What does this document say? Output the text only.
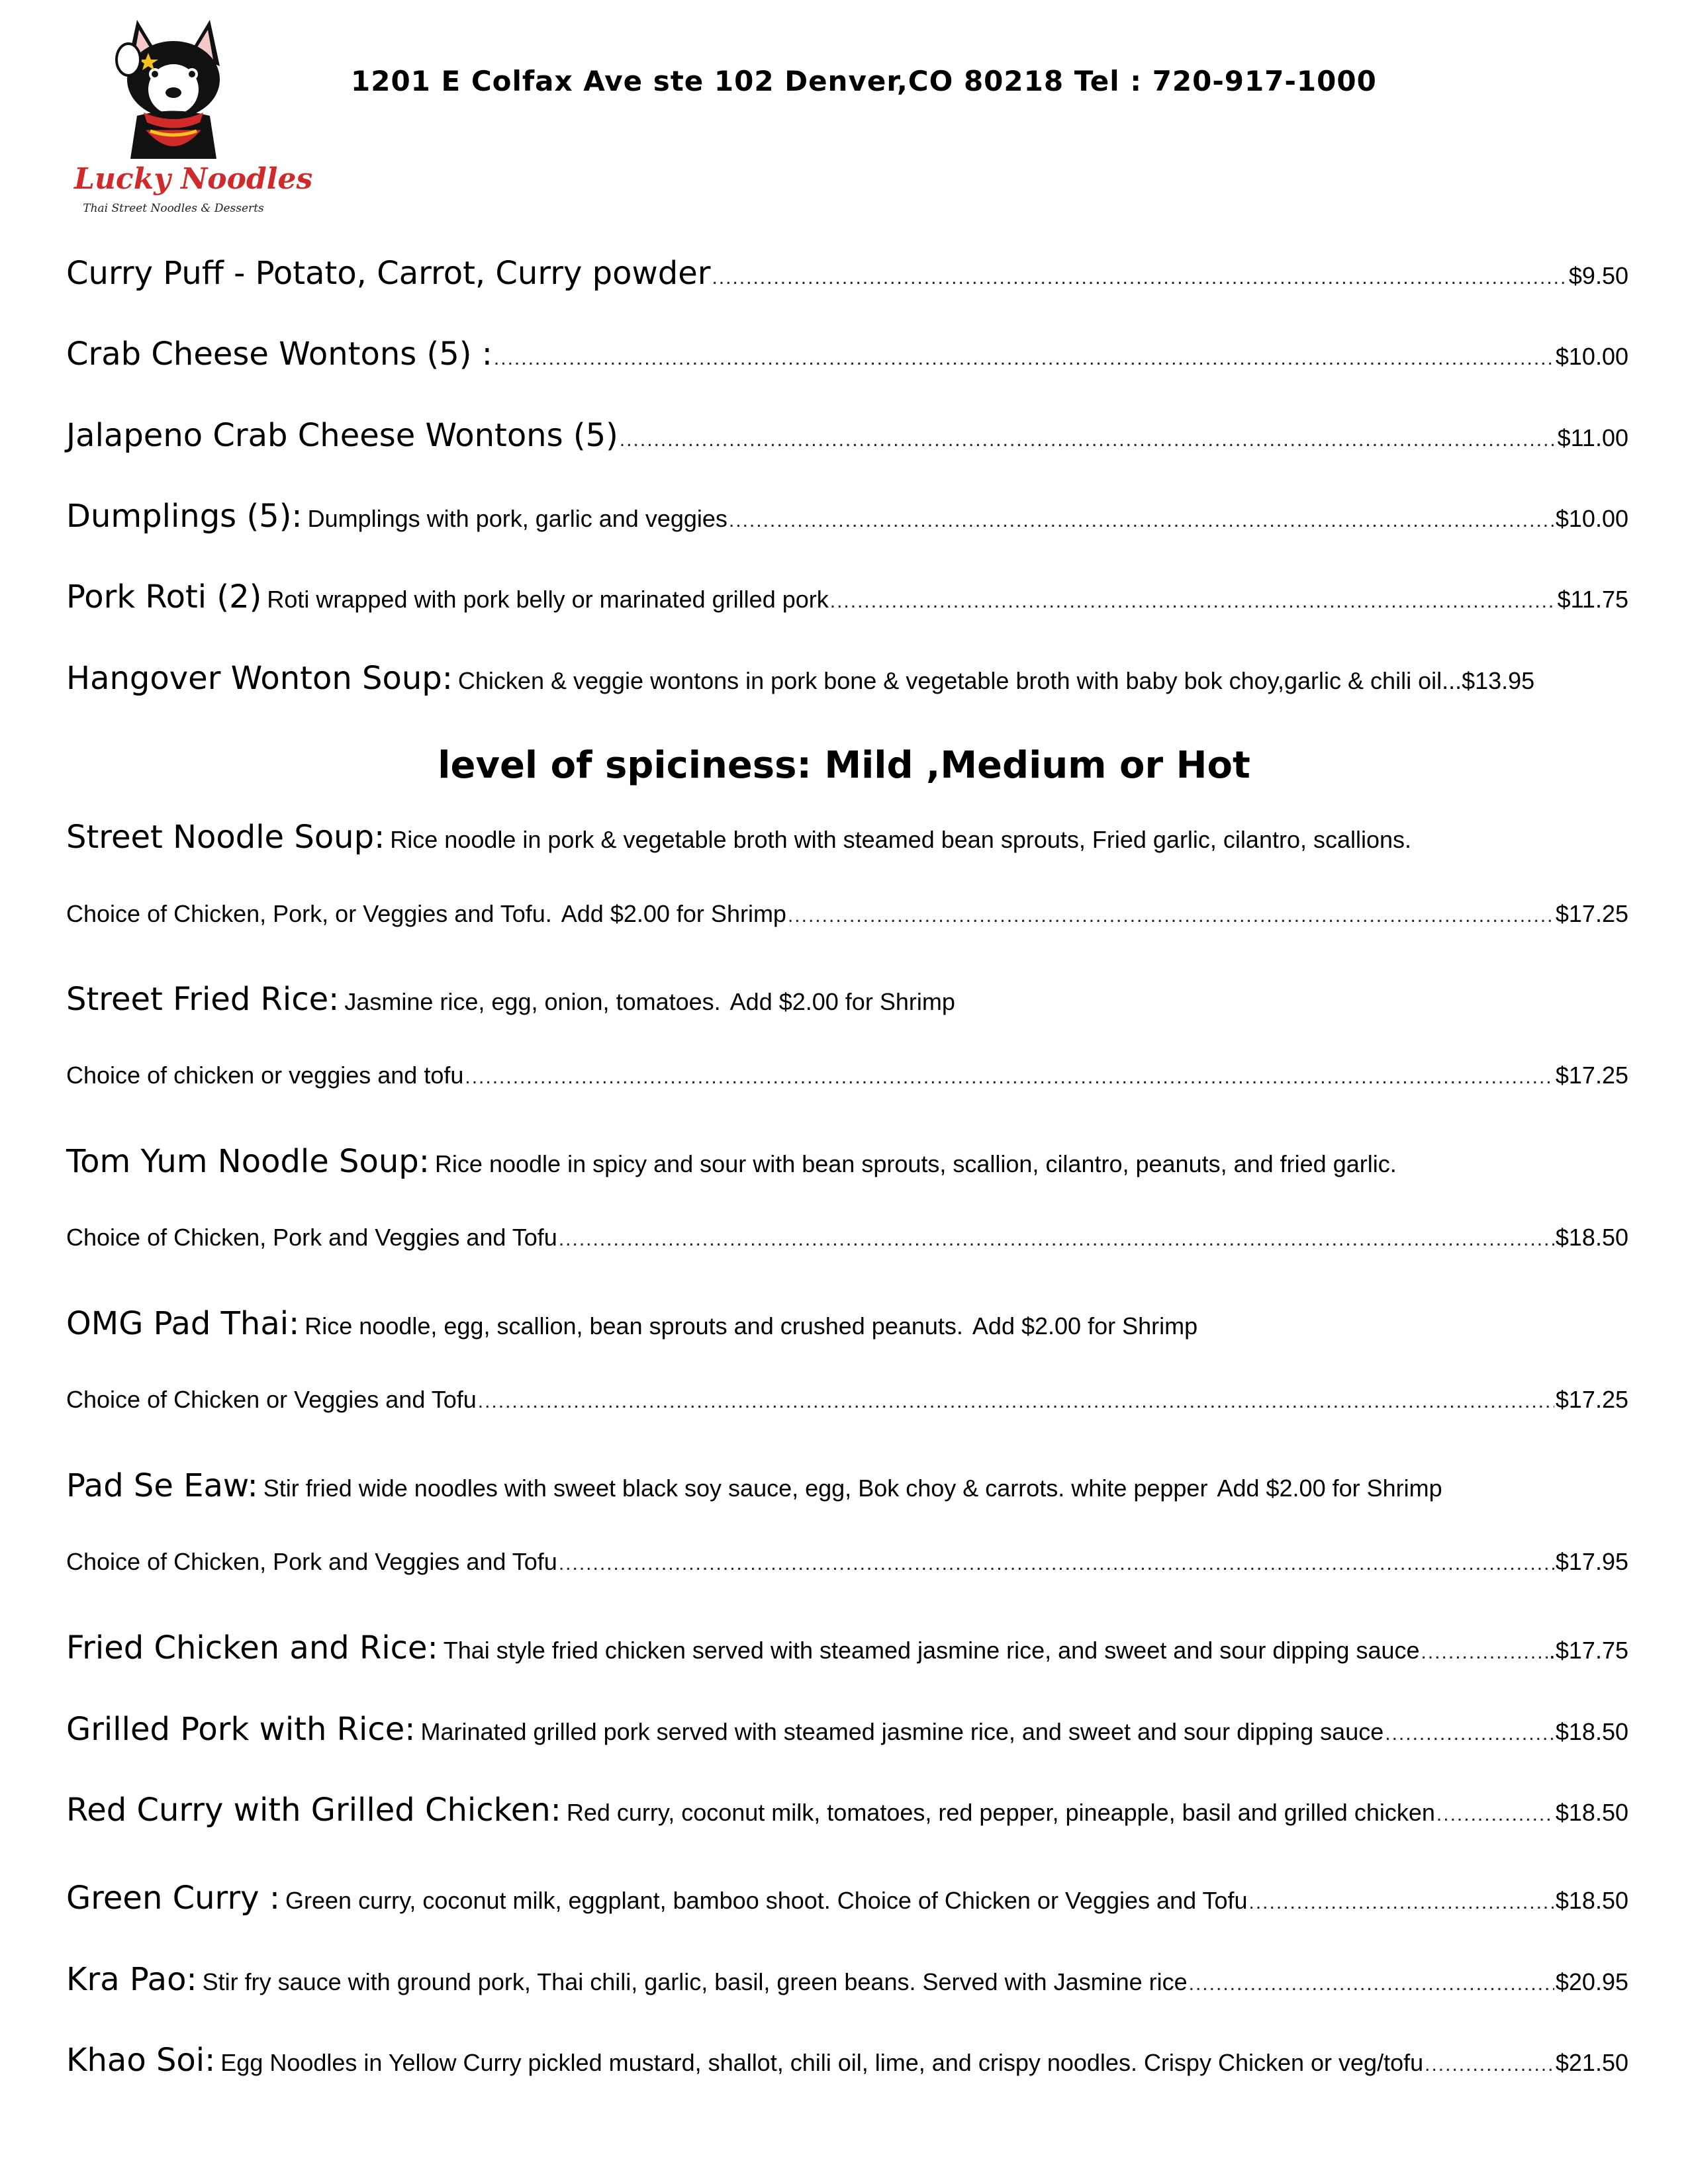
Lucky Noodles
Thai Street Noodles & Desserts
1201 E Colfax Ave ste 102 Denver,CO 80218 Tel : 720-917-1000
Curry Puff - Potato, Carrot, Curry powder .....	$9.50
Crab Cheese Wontons (5) : .....	$10.00
Jalapeno Crab Cheese Wontons (5) .....	$11.00
Dumplings (5): Dumplings with pork, garlic and veggies .....	$10.00
Pork Roti (2) Roti wrapped with pork belly or marinated grilled pork .....	$11.75
Hangover Wonton Soup: Chicken & veggie wontons in pork bone & vegetable broth with baby bok choy,garlic & chili oil... $13.95
level of spiciness: Mild ,Medium or Hot
Street Noodle Soup: Rice noodle in pork & vegetable broth with steamed bean sprouts, Fried garlic, cilantro, scallions.
Choice of Chicken, Pork, or Veggies and Tofu. Add $2.00 for Shrimp .....	$17.25
Street Fried Rice: Jasmine rice, egg, onion, tomatoes. Add $2.00 for Shrimp
Choice of chicken or veggies and tofu .....	$17.25
Tom Yum Noodle Soup: Rice noodle in spicy and sour with bean sprouts, scallion, cilantro, peanuts, and fried garlic.
Choice of Chicken, Pork and Veggies and Tofu .....	$18.50
OMG Pad Thai: Rice noodle, egg, scallion, bean sprouts and crushed peanuts. Add $2.00 for Shrimp
Choice of Chicken or Veggies and Tofu .....	$17.25
Pad Se Eaw: Stir fried wide noodles with sweet black soy sauce, egg, Bok choy & carrots. white pepper Add $2.00 for Shrimp
Choice of Chicken, Pork and Veggies and Tofu .....	$17.95
Fried Chicken and Rice: Thai style fried chicken served with steamed jasmine rice, and sweet and sour dipping sauce .....	.$17.75
Grilled Pork with Rice: Marinated grilled pork served with steamed jasmine rice, and sweet and sour dipping sauce .....	$18.50
Red Curry with Grilled Chicken: Red curry, coconut milk, tomatoes, red pepper, pineapple, basil and grilled chicken .....	$18.50
Green Curry : Green curry, coconut milk, eggplant, bamboo shoot. Choice of Chicken or Veggies and Tofu .....	$18.50
Kra Pao: Stir fry sauce with ground pork, Thai chili, garlic, basil, green beans. Served with Jasmine rice .....	$20.95
Khao Soi: Egg Noodles in Yellow Curry pickled mustard, shallot, chili oil, lime, and crispy noodles. Crispy Chicken or veg/tofu .....	$21.50
